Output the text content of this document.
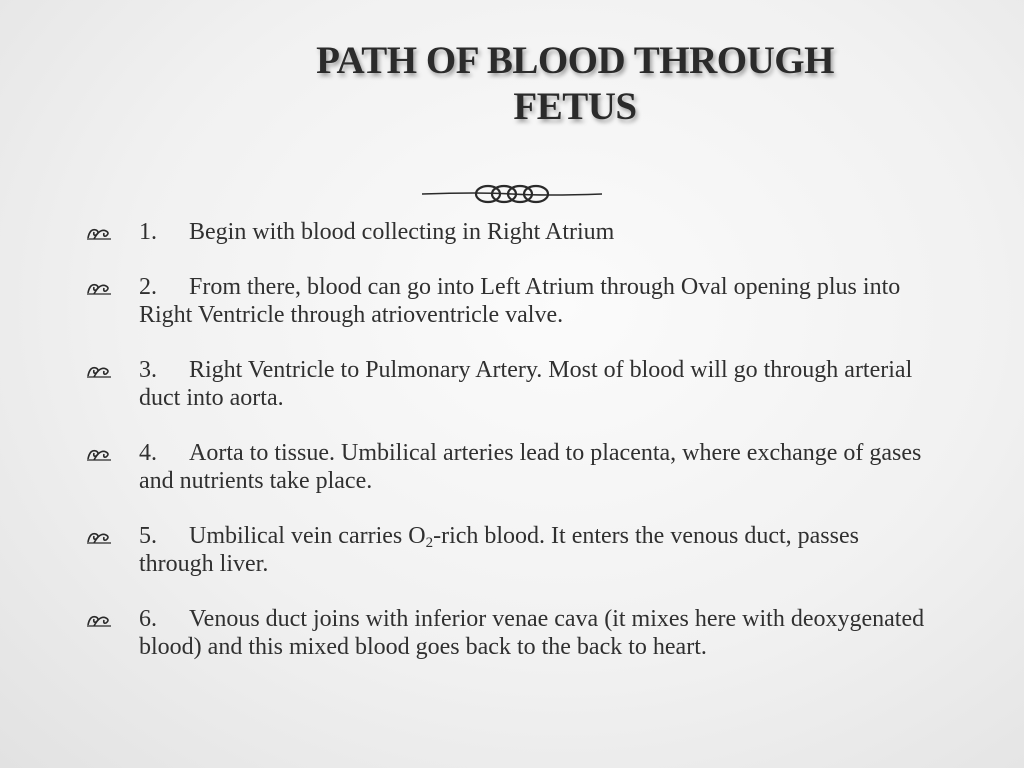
PATH OF BLOOD THROUGH
FETUS
1. Begin with blood collecting in Right Atrium
2. From there, blood can go into Left Atrium through Oval opening plus into Right Ventricle through atrioventricle valve.
3. Right Ventricle to Pulmonary Artery. Most of blood will go through arterial duct into aorta.
4. Aorta to tissue. Umbilical arteries lead to placenta, where exchange of gases and nutrients take place.
5. Umbilical vein carries $O_2$-rich blood. It enters the venous duct, passes through liver.
6. Venous duct joins with inferior venae cava (it mixes here with deoxygenated blood) and this mixed blood goes back to the back to heart.
